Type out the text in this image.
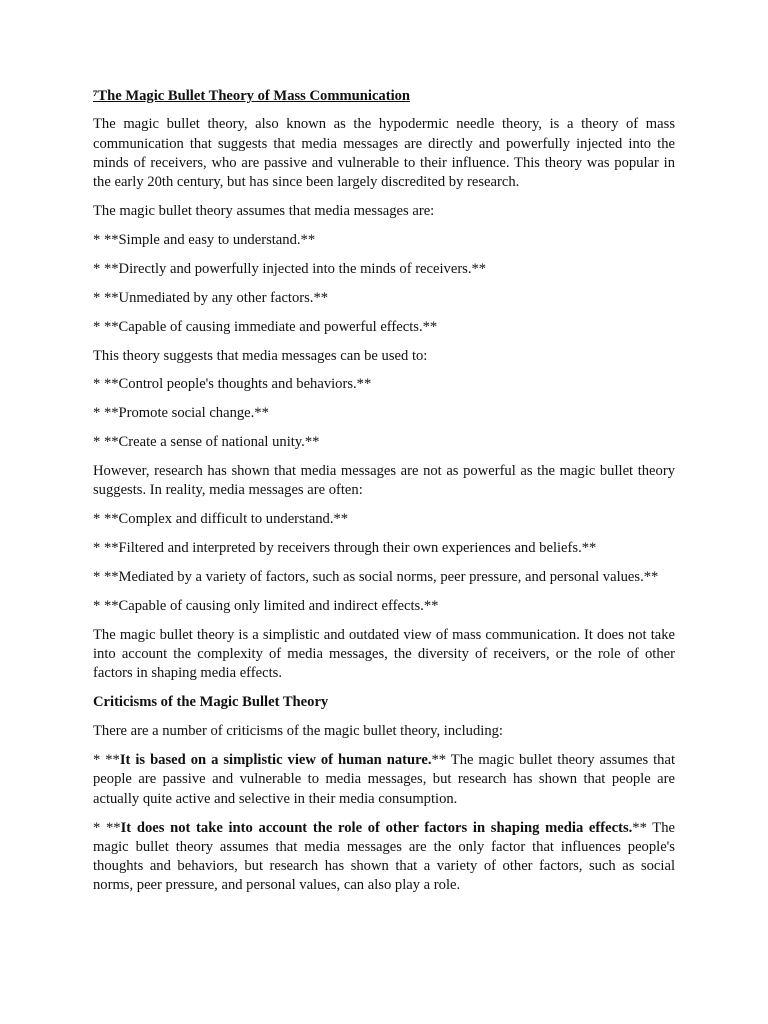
⁷The Magic Bullet Theory of Mass Communication

The magic bullet theory, also known as the hypodermic needle theory, is a theory of mass communication that suggests that media messages are directly and powerfully injected into the minds of receivers, who are passive and vulnerable to their influence. This theory was popular in the early 20th century, but has since been largely discredited by research.

The magic bullet theory assumes that media messages are:

* **Simple and easy to understand.**

* **Directly and powerfully injected into the minds of receivers.**

* **Unmediated by any other factors.**

* **Capable of causing immediate and powerful effects.**

This theory suggests that media messages can be used to:

* **Control people's thoughts and behaviors.**

* **Promote social change.**

* **Create a sense of national unity.**

However, research has shown that media messages are not as powerful as the magic bullet theory suggests. In reality, media messages are often:

* **Complex and difficult to understand.**

* **Filtered and interpreted by receivers through their own experiences and beliefs.**

* **Mediated by a variety of factors, such as social norms, peer pressure, and personal values.**

* **Capable of causing only limited and indirect effects.**

The magic bullet theory is a simplistic and outdated view of mass communication. It does not take into account the complexity of media messages, the diversity of receivers, or the role of other factors in shaping media effects.

Criticisms of the Magic Bullet Theory

There are a number of criticisms of the magic bullet theory, including:

* **It is based on a simplistic view of human nature.** The magic bullet theory assumes that people are passive and vulnerable to media messages, but research has shown that people are actually quite active and selective in their media consumption.

* **It does not take into account the role of other factors in shaping media effects.** The magic bullet theory assumes that media messages are the only factor that influences people's thoughts and behaviors, but research has shown that a variety of other factors, such as social norms, peer pressure, and personal values, can also play a role.
